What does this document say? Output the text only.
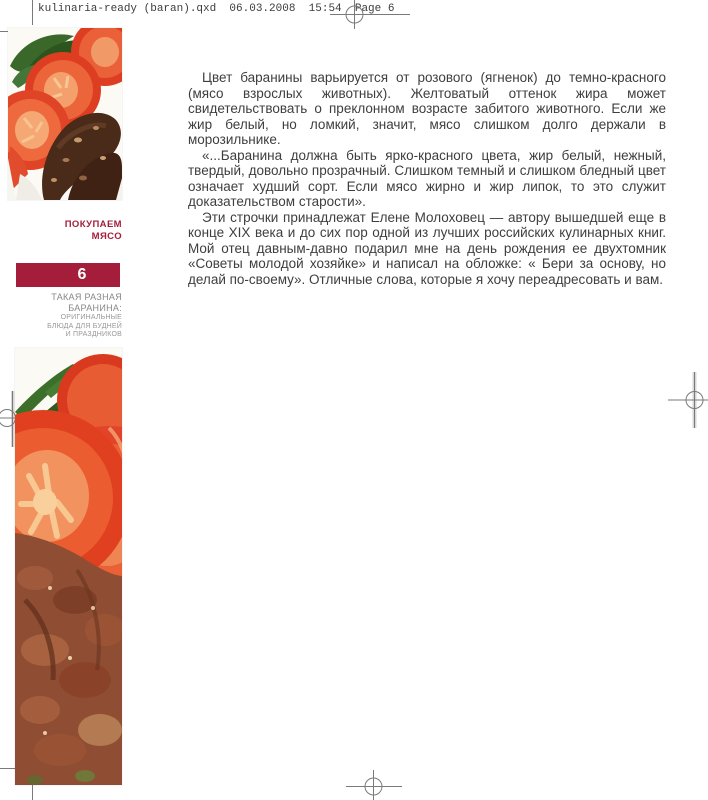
kulinaria-ready (baran).qxd  06.03.2008  15:54  Page 6
ПОКУПАЕМ
МЯСО
6
ТАКАЯ РАЗНАЯ
БАРАНИНА:
ОРИГИНАЛЬНЫЕ
БЛЮДА ДЛЯ БУДНЕЙ
И ПРАЗДНИКОВ

Цвет баранины варьируется от розового (ягненок) до темно-красного (мясо взрослых животных). Желтоватый оттенок жира может свидетельствовать о преклонном возрасте забитого животного. Если же жир белый, но ломкий, значит, мясо слишком долго держали в морозильнике.

«...Баранина должна быть ярко-красного цвета, жир белый, нежный, твердый, довольно прозрачный. Слишком темный и слишком бледный цвет означает худший сорт. Если мясо жирно и жир липок, то это служит доказательством старости».

Эти строчки принадлежат Елене Молоховец — автору вышедшей еще в конце XIX века и до сих пор одной из лучших российских кулинарных книг. Мой отец давным-давно подарил мне на день рождения ее двухтомник «Советы молодой хозяйке» и написал на обложке: « Бери за основу, но делай по-своему». Отличные слова, которые я хочу переадресовать и вам.
